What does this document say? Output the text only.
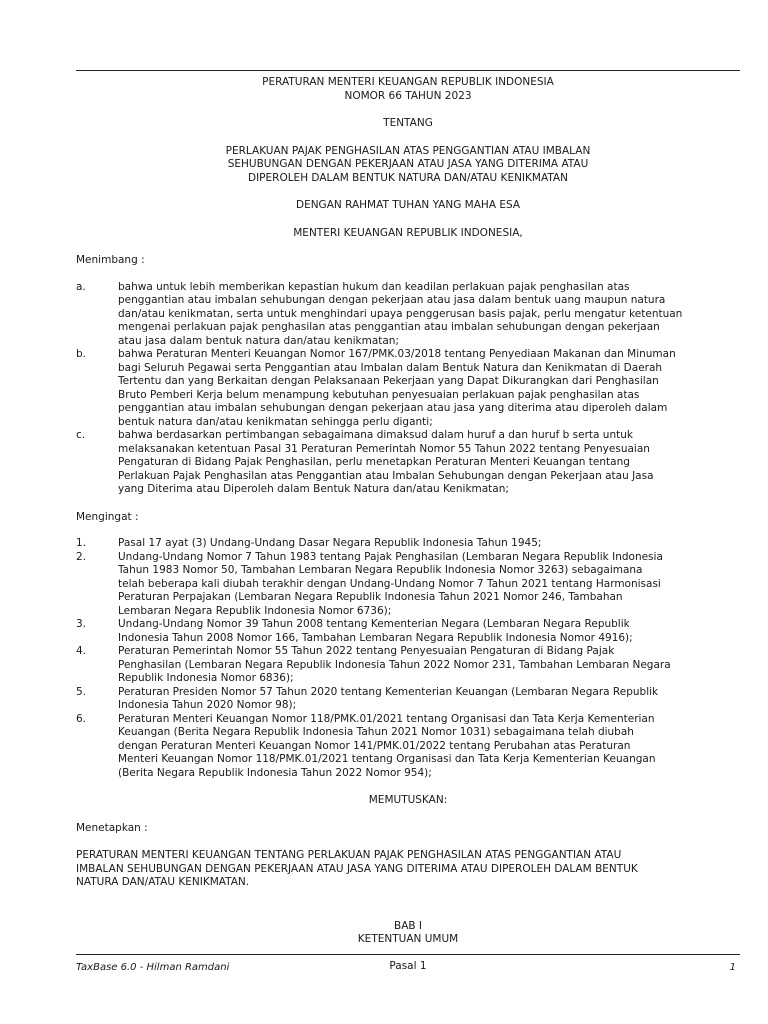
PERATURAN MENTERI KEUANGAN REPUBLIK INDONESIA
NOMOR 66 TAHUN 2023
TENTANG
PERLAKUAN PAJAK PENGHASILAN ATAS PENGGANTIAN ATAU IMBALAN
SEHUBUNGAN DENGAN PEKERJAAN ATAU JASA YANG DITERIMA ATAU
DIPEROLEH DALAM BENTUK NATURA DAN/ATAU KENIKMATAN
DENGAN RAHMAT TUHAN YANG MAHA ESA
MENTERI KEUANGAN REPUBLIK INDONESIA,
Menimbang :
a.	bahwa untuk lebih memberikan kepastian hukum dan keadilan perlakuan pajak penghasilan atas
penggantian atau imbalan sehubungan dengan pekerjaan atau jasa dalam bentuk uang maupun natura
dan/atau kenikmatan, serta untuk menghindari upaya penggerusan basis pajak, perlu mengatur ketentuan
mengenai perlakuan pajak penghasilan atas penggantian atau imbalan sehubungan dengan pekerjaan
atau jasa dalam bentuk natura dan/atau kenikmatan;
b.	bahwa Peraturan Menteri Keuangan Nomor 167/PMK.03/2018 tentang Penyediaan Makanan dan Minuman
bagi Seluruh Pegawai serta Penggantian atau Imbalan dalam Bentuk Natura dan Kenikmatan di Daerah
Tertentu dan yang Berkaitan dengan Pelaksanaan Pekerjaan yang Dapat Dikurangkan dari Penghasilan
Bruto Pemberi Kerja belum menampung kebutuhan penyesuaian perlakuan pajak penghasilan atas
penggantian atau imbalan sehubungan dengan pekerjaan atau jasa yang diterima atau diperoleh dalam
bentuk natura dan/atau kenikmatan sehingga perlu diganti;
c.	bahwa berdasarkan pertimbangan sebagaimana dimaksud dalam huruf a dan huruf b serta untuk
melaksanakan ketentuan Pasal 31 Peraturan Pemerintah Nomor 55 Tahun 2022 tentang Penyesuaian
Pengaturan di Bidang Pajak Penghasilan, perlu menetapkan Peraturan Menteri Keuangan tentang
Perlakuan Pajak Penghasilan atas Penggantian atau Imbalan Sehubungan dengan Pekerjaan atau Jasa
yang Diterima atau Diperoleh dalam Bentuk Natura dan/atau Kenikmatan;
Mengingat :
1.	Pasal 17 ayat (3) Undang-Undang Dasar Negara Republik Indonesia Tahun 1945;
2.	Undang-Undang Nomor 7 Tahun 1983 tentang Pajak Penghasilan (Lembaran Negara Republik Indonesia
Tahun 1983 Nomor 50, Tambahan Lembaran Negara Republik Indonesia Nomor 3263) sebagaimana
telah beberapa kali diubah terakhir dengan Undang-Undang Nomor 7 Tahun 2021 tentang Harmonisasi
Peraturan Perpajakan (Lembaran Negara Republik Indonesia Tahun 2021 Nomor 246, Tambahan
Lembaran Negara Republik Indonesia Nomor 6736);
3.	Undang-Undang Nomor 39 Tahun 2008 tentang Kementerian Negara (Lembaran Negara Republik
Indonesia Tahun 2008 Nomor 166, Tambahan Lembaran Negara Republik Indonesia Nomor 4916);
4.	Peraturan Pemerintah Nomor 55 Tahun 2022 tentang Penyesuaian Pengaturan di Bidang Pajak
Penghasilan (Lembaran Negara Republik Indonesia Tahun 2022 Nomor 231, Tambahan Lembaran Negara
Republik Indonesia Nomor 6836);
5.	Peraturan Presiden Nomor 57 Tahun 2020 tentang Kementerian Keuangan (Lembaran Negara Republik
Indonesia Tahun 2020 Nomor 98);
6.	Peraturan Menteri Keuangan Nomor 118/PMK.01/2021 tentang Organisasi dan Tata Kerja Kementerian
Keuangan (Berita Negara Republik Indonesia Tahun 2021 Nomor 1031) sebagaimana telah diubah
dengan Peraturan Menteri Keuangan Nomor 141/PMK.01/2022 tentang Perubahan atas Peraturan
Menteri Keuangan Nomor 118/PMK.01/2021 tentang Organisasi dan Tata Kerja Kementerian Keuangan
(Berita Negara Republik Indonesia Tahun 2022 Nomor 954);
MEMUTUSKAN:
Menetapkan :
PERATURAN MENTERI KEUANGAN TENTANG PERLAKUAN PAJAK PENGHASILAN ATAS PENGGANTIAN ATAU
IMBALAN SEHUBUNGAN DENGAN PEKERJAAN ATAU JASA YANG DITERIMA ATAU DIPEROLEH DALAM BENTUK
NATURA DAN/ATAU KENIKMATAN.
BAB I
KETENTUAN UMUM
Pasal 1
TaxBase 6.0 - Hilman Ramdani	1
